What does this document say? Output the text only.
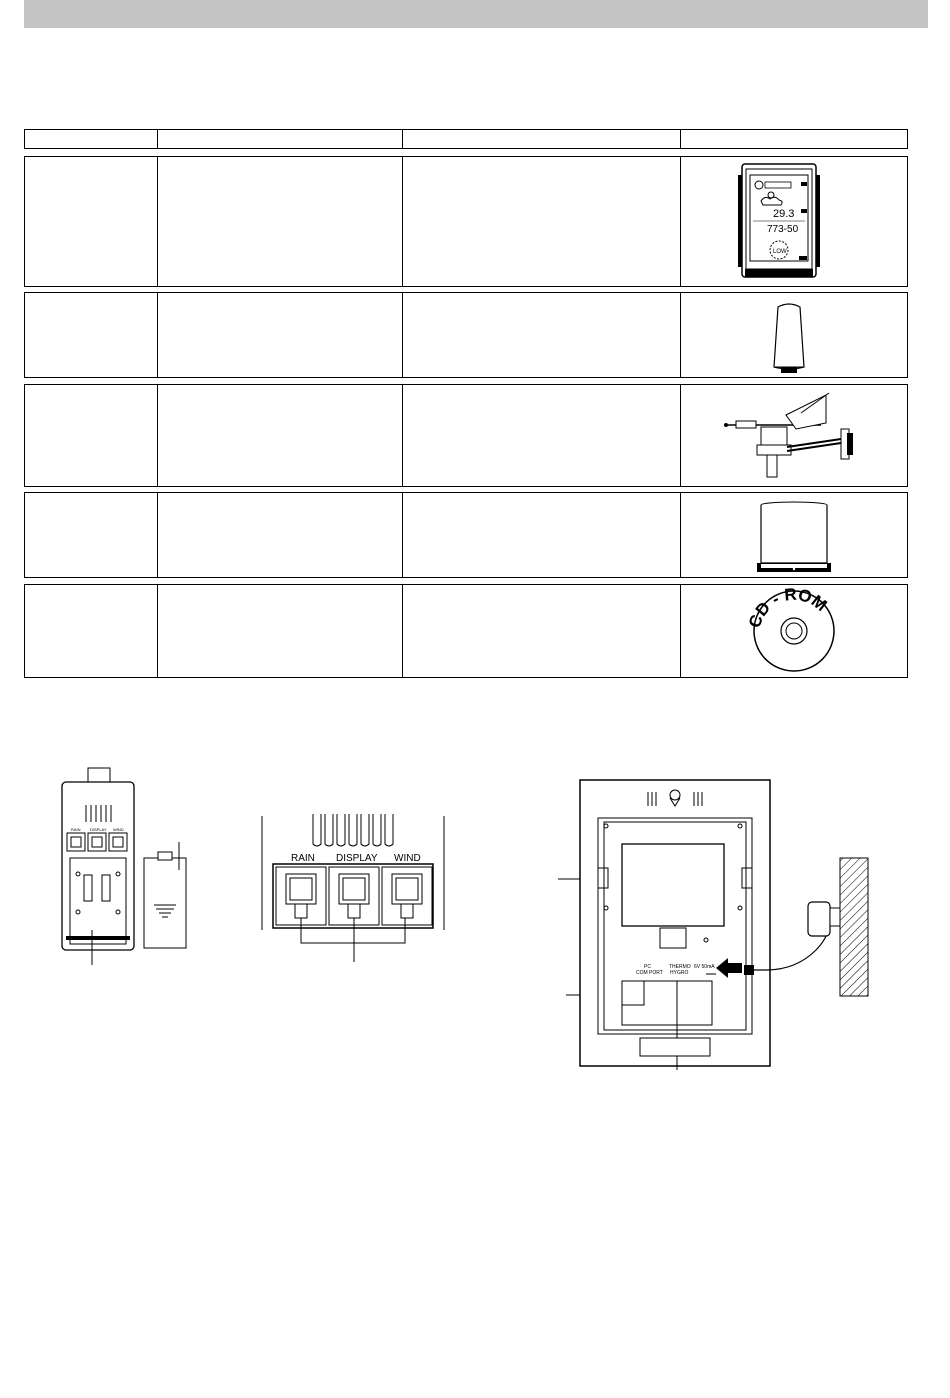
29.3
773-50
LOW
CD - ROM
RAIN DISPLAY WIND
RAIN DISPLAY WIND
PC COM PORT
THERMO HYGRO
6V 50mA
